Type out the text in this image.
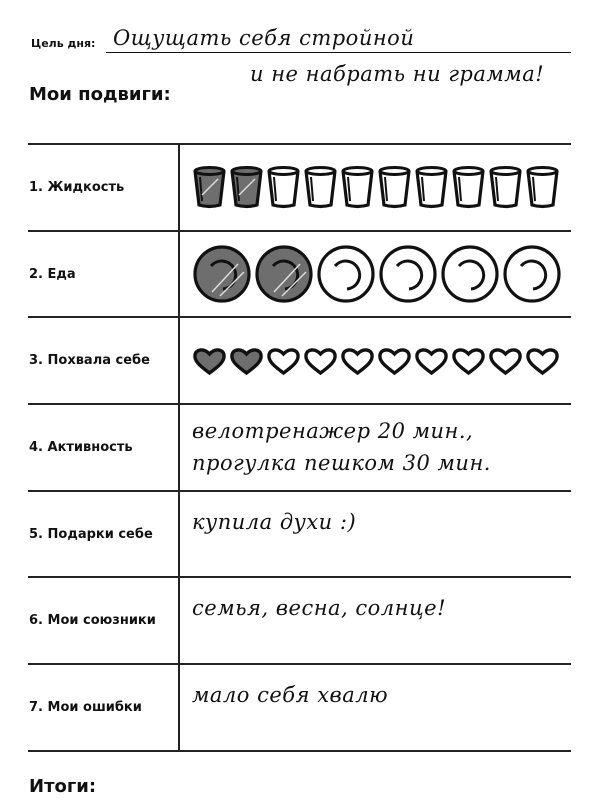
Цель дня: Ощущать себя стройной
и не набрать ни грамма!
Мои подвиги:
1. Жидкость
2. Еда
3. Похвала себе
4. Активность
велотренажер 20 мин.,
прогулка пешком 30 мин.
5. Подарки себе
купила духи :)
6. Мои союзники
семья, весна, солнце!
7. Мои ошибки
мало себя хвалю
Итоги:
